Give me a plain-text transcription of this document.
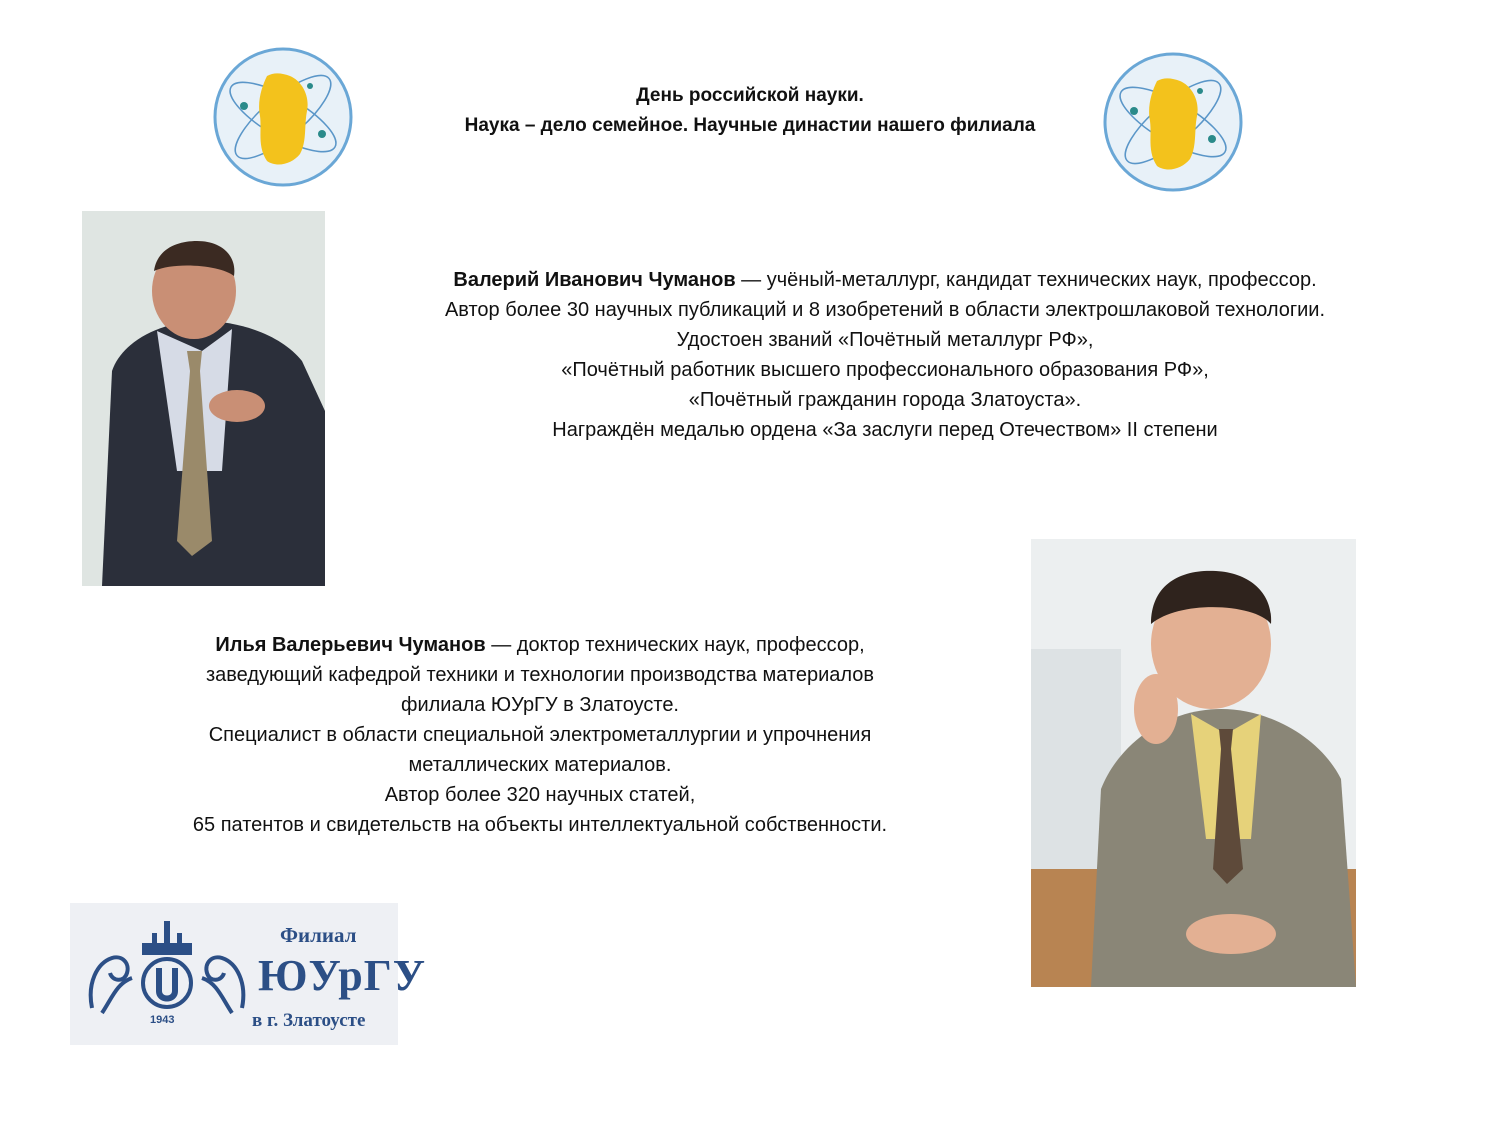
День российской науки.
Наука – дело семейное. Научные династии нашего филиала
Валерий Иванович Чуманов — учёный-металлург, кандидат технических наук, профессор.
Автор более 30 научных публикаций и 8 изобретений в области электрошлаковой технологии.
Удостоен званий «Почётный металлург РФ»,
«Почётный работник высшего профессионального образования РФ»,
«Почётный гражданин города Златоуста».
Награждён медалью ордена «За заслуги перед Отечеством» II степени
Илья Валерьевич Чуманов — доктор технических наук, профессор,
заведующий кафедрой техники и технологии производства материалов
филиала ЮУрГУ в Златоусте.
Специалист в области специальной электрометаллургии и упрочнения
металлических материалов.
Автор более 320 научных статей,
65 патентов и свидетельств на объекты интеллектуальной собственности.
1943
Филиал
ЮУрГУ
в г. Златоусте
